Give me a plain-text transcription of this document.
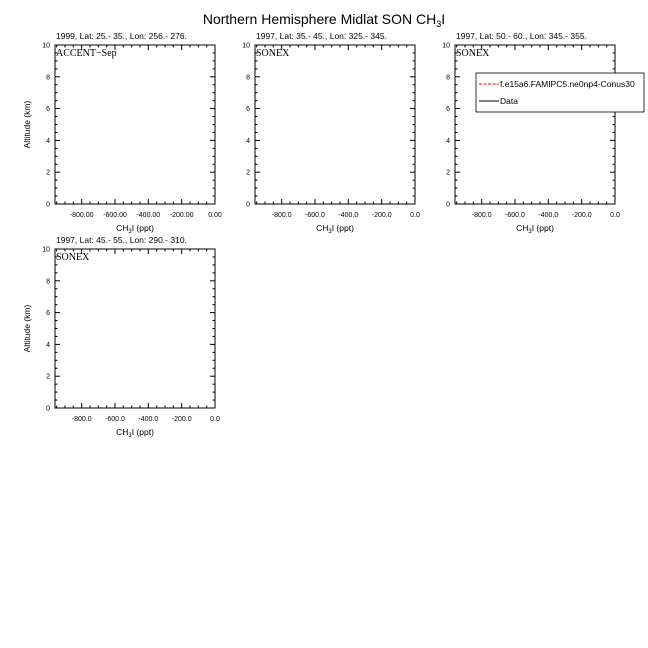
Northern Hemisphere Midlat SON $CH_3I$
1999, Lat: 25.- 35., Lon: 256.- 276.
ACCENT−Sep
0
2
4
6
8
10
-800.00 -600.00 -400.00 -200.00 0.00
$CH_3I$ (ppt)
Altitude (km)
1997, Lat: 35.- 45., Lon: 325.- 345.
SONEX
0
2
4
6
8
10
-800.0 -600.0 -400.0 -200.0	0.0
$CH_3I$ (ppt)
1997, Lat: 50.- 60., Lon: 345.- 355.
SONEX
0
2
4
6
8
10
-800.0 -600.0 -400.0 -200.0	0.0
$CH_3I$ (ppt)
f.e15a6.FAMIPC5.ne0np4-Conus30
Data
1997, Lat: 45.- 55., Lon: 290.- 310.
SONEX
0
2
4
6
8
10
-800.0 -600.0 -400.0 -200.0	0.0
$CH_3I$ (ppt)
Altitude (km)
